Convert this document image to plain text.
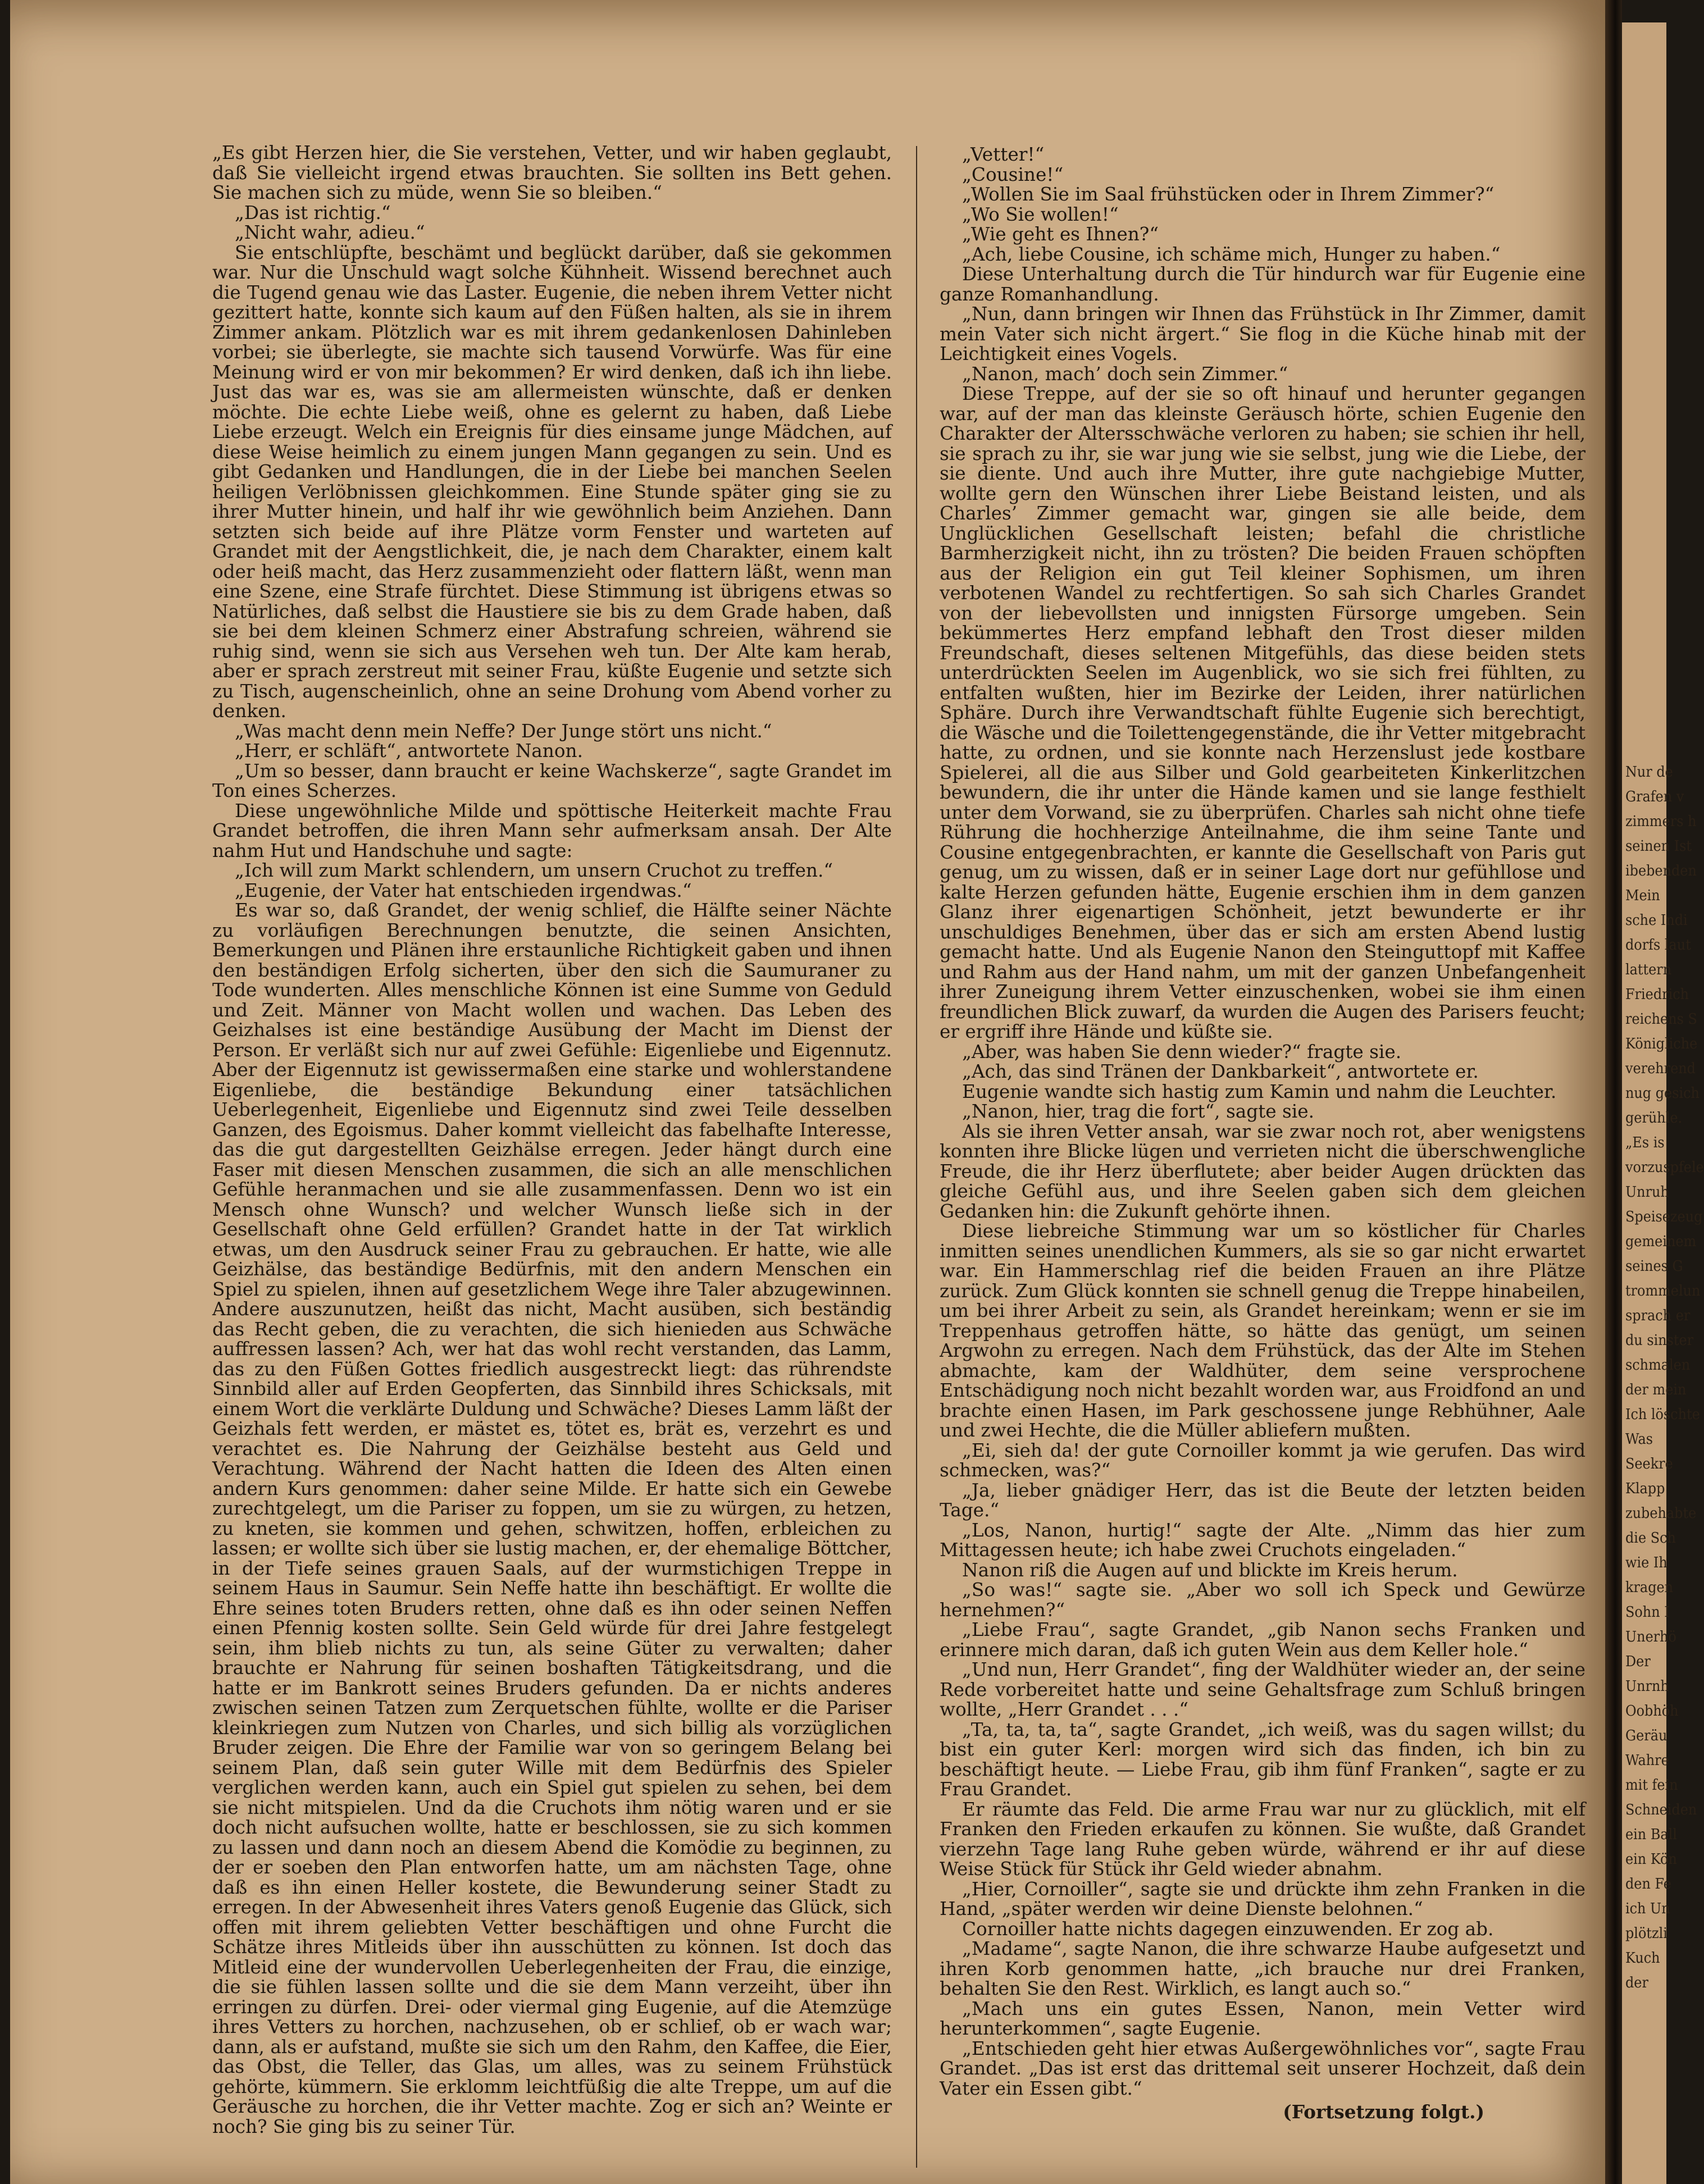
„Es gibt Herzen hier, die Sie verstehen, Vetter, und wir haben geglaubt, daß Sie vielleicht irgend etwas brauchten. Sie sollten ins Bett gehen. Sie machen sich zu müde, wenn Sie so bleiben.“

„Das ist richtig.“

„Nicht wahr, adieu.“

Sie entschlüpfte, beschämt und beglückt darüber, daß sie gekommen war. Nur die Unschuld wagt solche Kühnheit. Wissend berechnet auch die Tugend genau wie das Laster. Eugenie, die neben ihrem Vetter nicht gezittert hatte, konnte sich kaum auf den Füßen halten, als sie in ihrem Zimmer ankam. Plötzlich war es mit ihrem gedankenlosen Dahinleben vorbei; sie überlegte, sie machte sich tausend Vorwürfe. Was für eine Meinung wird er von mir bekommen? Er wird denken, daß ich ihn liebe. Just das war es, was sie am allermeisten wünschte, daß er denken möchte. Die echte Liebe weiß, ohne es gelernt zu haben, daß Liebe Liebe erzeugt. Welch ein Ereignis für dies einsame junge Mädchen, auf diese Weise heimlich zu einem jungen Mann gegangen zu sein. Und es gibt Gedanken und Handlungen, die in der Liebe bei manchen Seelen heiligen Verlöbnissen gleichkommen. Eine Stunde später ging sie zu ihrer Mutter hinein, und half ihr wie gewöhnlich beim Anziehen. Dann setzten sich beide auf ihre Plätze vorm Fenster und warteten auf Grandet mit der Aengstlichkeit, die, je nach dem Charakter, einem kalt oder heiß macht, das Herz zusammenzieht oder flattern läßt, wenn man eine Szene, eine Strafe fürchtet. Diese Stimmung ist übrigens etwas so Natürliches, daß selbst die Haustiere sie bis zu dem Grade haben, daß sie bei dem kleinen Schmerz einer Abstrafung schreien, während sie ruhig sind, wenn sie sich aus Versehen weh tun. Der Alte kam herab, aber er sprach zerstreut mit seiner Frau, küßte Eugenie und setzte sich zu Tisch, augenscheinlich, ohne an seine Drohung vom Abend vorher zu denken.

„Was macht denn mein Neffe? Der Junge stört uns nicht.“

„Herr, er schläft“, antwortete Nanon.

„Um so besser, dann braucht er keine Wachskerze“, sagte Grandet im Ton eines Scherzes.

Diese ungewöhnliche Milde und spöttische Heiterkeit machte Frau Grandet betroffen, die ihren Mann sehr aufmerksam ansah. Der Alte nahm Hut und Handschuhe und sagte:

„Ich will zum Markt schlendern, um unsern Cruchot zu treffen.“

„Eugenie, der Vater hat entschieden irgendwas.“

Es war so, daß Grandet, der wenig schlief, die Hälfte seiner Nächte zu vorläufigen Berechnungen benutzte, die seinen Ansichten, Bemerkungen und Plänen ihre erstaunliche Richtigkeit gaben und ihnen den beständigen Erfolg sicherten, über den sich die Saumuraner zu Tode wunderten. Alles menschliche Können ist eine Summe von Geduld und Zeit. Männer von Macht wollen und wachen. Das Leben des Geizhalses ist eine beständige Ausübung der Macht im Dienst der Person. Er verläßt sich nur auf zwei Gefühle: Eigenliebe und Eigennutz. Aber der Eigennutz ist gewissermaßen eine starke und wohlerstandene Eigenliebe, die beständige Bekundung einer tatsächlichen Ueberlegenheit, Eigenliebe und Eigennutz sind zwei Teile desselben Ganzen, des Egoismus. Daher kommt vielleicht das fabelhafte Interesse, das die gut dargestellten Geizhälse erregen. Jeder hängt durch eine Faser mit diesen Menschen zusammen, die sich an alle menschlichen Gefühle heranmachen und sie alle zusammenfassen. Denn wo ist ein Mensch ohne Wunsch? und welcher Wunsch ließe sich in der Gesellschaft ohne Geld erfüllen? Grandet hatte in der Tat wirklich etwas, um den Ausdruck seiner Frau zu gebrauchen. Er hatte, wie alle Geizhälse, das beständige Bedürfnis, mit den andern Menschen ein Spiel zu spielen, ihnen auf gesetzlichem Wege ihre Taler abzugewinnen. Andere auszunutzen, heißt das nicht, Macht ausüben, sich beständig das Recht geben, die zu verachten, die sich hienieden aus Schwäche auffressen lassen? Ach, wer hat das wohl recht verstanden, das Lamm, das zu den Füßen Gottes friedlich ausgestreckt liegt: das rührendste Sinnbild aller auf Erden Geopferten, das Sinnbild ihres Schicksals, mit einem Wort die verklärte Duldung und Schwäche? Dieses Lamm läßt der Geizhals fett werden, er mästet es, tötet es, brät es, verzehrt es und verachtet es. Die Nahrung der Geizhälse besteht aus Geld und Verachtung. Während der Nacht hatten die Ideen des Alten einen andern Kurs genommen: daher seine Milde. Er hatte sich ein Gewebe zurechtgelegt, um die Pariser zu foppen, um sie zu würgen, zu hetzen, zu kneten, sie kommen und gehen, schwitzen, hoffen, erbleichen zu lassen; er wollte sich über sie lustig machen, er, der ehemalige Böttcher, in der Tiefe seines grauen Saals, auf der wurmstichigen Treppe in seinem Haus in Saumur. Sein Neffe hatte ihn beschäftigt. Er wollte die Ehre seines toten Bruders retten, ohne daß es ihn oder seinen Neffen einen Pfennig kosten sollte. Sein Geld würde für drei Jahre festgelegt sein, ihm blieb nichts zu tun, als seine Güter zu verwalten; daher brauchte er Nahrung für seinen boshaften Tätigkeitsdrang, und die hatte er im Bankrott seines Bruders gefunden. Da er nichts anderes zwischen seinen Tatzen zum Zerquetschen fühlte, wollte er die Pariser kleinkriegen zum Nutzen von Charles, und sich billig als vorzüglichen Bruder zeigen. Die Ehre der Familie war von so geringem Belang bei seinem Plan, daß sein guter Wille mit dem Bedürfnis des Spieler verglichen werden kann, auch ein Spiel gut spielen zu sehen, bei dem sie nicht mitspielen. Und da die Cruchots ihm nötig waren und er sie doch nicht aufsuchen wollte, hatte er beschlossen, sie zu sich kommen zu lassen und dann noch an diesem Abend die Komödie zu beginnen, zu der er soeben den Plan entworfen hatte, um am nächsten Tage, ohne daß es ihn einen Heller kostete, die Bewunderung seiner Stadt zu erregen. In der Abwesenheit ihres Vaters genoß Eugenie das Glück, sich offen mit ihrem geliebten Vetter beschäftigen und ohne Furcht die Schätze ihres Mitleids über ihn ausschütten zu können. Ist doch das Mitleid eine der wundervollen Ueberlegenheiten der Frau, die einzige, die sie fühlen lassen sollte und die sie dem Mann verzeiht, über ihn erringen zu dürfen. Drei- oder viermal ging Eugenie, auf die Atemzüge ihres Vetters zu horchen, nachzusehen, ob er schlief, ob er wach war; dann, als er aufstand, mußte sie sich um den Rahm, den Kaffee, die Eier, das Obst, die Teller, das Glas, um alles, was zu seinem Frühstück gehörte, kümmern. Sie erklomm leichtfüßig die alte Treppe, um auf die Geräusche zu horchen, die ihr Vetter machte. Zog er sich an? Weinte er noch? Sie ging bis zu seiner Tür.

„Vetter!“

„Cousine!“

„Wollen Sie im Saal frühstücken oder in Ihrem Zimmer?“

„Wo Sie wollen!“

„Wie geht es Ihnen?“

„Ach, liebe Cousine, ich schäme mich, Hunger zu haben.“

Diese Unterhaltung durch die Tür hindurch war für Eugenie eine ganze Romanhandlung.

„Nun, dann bringen wir Ihnen das Frühstück in Ihr Zimmer, damit mein Vater sich nicht ärgert.“ Sie flog in die Küche hinab mit der Leichtigkeit eines Vogels.

„Nanon, mach’ doch sein Zimmer.“

Diese Treppe, auf der sie so oft hinauf und herunter gegangen war, auf der man das kleinste Geräusch hörte, schien Eugenie den Charakter der Altersschwäche verloren zu haben; sie schien ihr hell, sie sprach zu ihr, sie war jung wie sie selbst, jung wie die Liebe, der sie diente. Und auch ihre Mutter, ihre gute nachgiebige Mutter, wollte gern den Wünschen ihrer Liebe Beistand leisten, und als Charles’ Zimmer gemacht war, gingen sie alle beide, dem Unglücklichen Gesellschaft leisten; befahl die christliche Barmherzigkeit nicht, ihn zu trösten? Die beiden Frauen schöpften aus der Religion ein gut Teil kleiner Sophismen, um ihren verbotenen Wandel zu rechtfertigen. So sah sich Charles Grandet von der liebevollsten und innigsten Fürsorge umgeben. Sein bekümmertes Herz empfand lebhaft den Trost dieser milden Freundschaft, dieses seltenen Mitgefühls, das diese beiden stets unterdrückten Seelen im Augenblick, wo sie sich frei fühlten, zu entfalten wußten, hier im Bezirke der Leiden, ihrer natürlichen Sphäre. Durch ihre Verwandtschaft fühlte Eugenie sich berechtigt, die Wäsche und die Toilettengegenstände, die ihr Vetter mitgebracht hatte, zu ordnen, und sie konnte nach Herzenslust jede kostbare Spielerei, all die aus Silber und Gold gearbeiteten Kinkerlitzchen bewundern, die ihr unter die Hände kamen und sie lange festhielt unter dem Vorwand, sie zu überprüfen. Charles sah nicht ohne tiefe Rührung die hochherzige Anteilnahme, die ihm seine Tante und Cousine entgegenbrachten, er kannte die Gesellschaft von Paris gut genug, um zu wissen, daß er in seiner Lage dort nur gefühllose und kalte Herzen gefunden hätte, Eugenie erschien ihm in dem ganzen Glanz ihrer eigenartigen Schönheit, jetzt bewunderte er ihr unschuldiges Benehmen, über das er sich am ersten Abend lustig gemacht hatte. Und als Eugenie Nanon den Steinguttopf mit Kaffee und Rahm aus der Hand nahm, um mit der ganzen Unbefangenheit ihrer Zuneigung ihrem Vetter einzuschenken, wobei sie ihm einen freundlichen Blick zuwarf, da wurden die Augen des Parisers feucht; er ergriff ihre Hände und küßte sie.

„Aber, was haben Sie denn wieder?“ fragte sie.

„Ach, das sind Tränen der Dankbarkeit“, antwortete er.

Eugenie wandte sich hastig zum Kamin und nahm die Leuchter.

„Nanon, hier, trag die fort“, sagte sie.

Als sie ihren Vetter ansah, war sie zwar noch rot, aber wenigstens konnten ihre Blicke lügen und verrieten nicht die überschwengliche Freude, die ihr Herz überflutete; aber beider Augen drückten das gleiche Gefühl aus, und ihre Seelen gaben sich dem gleichen Gedanken hin: die Zukunft gehörte ihnen.

Diese liebreiche Stimmung war um so köstlicher für Charles inmitten seines unendlichen Kummers, als sie so gar nicht erwartet war. Ein Hammerschlag rief die beiden Frauen an ihre Plätze zurück. Zum Glück konnten sie schnell genug die Treppe hinabeilen, um bei ihrer Arbeit zu sein, als Grandet hereinkam; wenn er sie im Treppenhaus getroffen hätte, so hätte das genügt, um seinen Argwohn zu erregen. Nach dem Frühstück, das der Alte im Stehen abmachte, kam der Waldhüter, dem seine versprochene Entschädigung noch nicht bezahlt worden war, aus Froidfond an und brachte einen Hasen, im Park geschossene junge Rebhühner, Aale und zwei Hechte, die die Müller abliefern mußten.

„Ei, sieh da! der gute Cornoiller kommt ja wie gerufen. Das wird schmecken, was?“

„Ja, lieber gnädiger Herr, das ist die Beute der letzten beiden Tage.“

„Los, Nanon, hurtig!“ sagte der Alte. „Nimm das hier zum Mittagessen heute; ich habe zwei Cruchots eingeladen.“

Nanon riß die Augen auf und blickte im Kreis herum.

„So was!“ sagte sie. „Aber wo soll ich Speck und Gewürze hernehmen?“

„Liebe Frau“, sagte Grandet, „gib Nanon sechs Franken und erinnere mich daran, daß ich guten Wein aus dem Keller hole.“

„Und nun, Herr Grandet“, fing der Waldhüter wieder an, der seine Rede vorbereitet hatte und seine Gehaltsfrage zum Schluß bringen wollte, „Herr Grandet . . .“

„Ta, ta, ta, ta“, sagte Grandet, „ich weiß, was du sagen willst; du bist ein guter Kerl: morgen wird sich das finden, ich bin zu beschäftigt heute. — Liebe Frau, gib ihm fünf Franken“, sagte er zu Frau Grandet.

Er räumte das Feld. Die arme Frau war nur zu glücklich, mit elf Franken den Frieden erkaufen zu können. Sie wußte, daß Grandet vierzehn Tage lang Ruhe geben würde, während er ihr auf diese Weise Stück für Stück ihr Geld wieder abnahm.

„Hier, Cornoiller“, sagte sie und drückte ihm zehn Franken in die Hand, „später werden wir deine Dienste belohnen.“

Cornoiller hatte nichts dagegen einzuwenden. Er zog ab.

„Madame“, sagte Nanon, die ihre schwarze Haube aufgesetzt und ihren Korb genommen hatte, „ich brauche nur drei Franken, behalten Sie den Rest. Wirklich, es langt auch so.“

„Mach uns ein gutes Essen, Nanon, mein Vetter wird herunterkommen“, sagte Eugenie.

„Entschieden geht hier etwas Außergewöhnliches vor“, sagte Frau Grandet. „Das ist erst das drittemal seit unserer Hochzeit, daß dein Vater ein Essen gibt.“

(Fortsetzung folgt.)
Nur de
Grafen v
zimmers h
seinen Ist
ibebenden
Mein
sche Indi
dorfs laut
lattern
Friedrich
reichens S
Königliche
verehrend
nug gesich
gerühle.
„Es is
vorzuspfele
Unruh
Speisezeug
gemeinem
seines G
trommelun
sprach er
du sinster
schmalen
der mein
Ich löschte
Was
Seekre
Klapp
zubehabte
die Sch
wie Ih
kragen
Sohn I
Unerhö
Der
Unrnh
Oobhöh
Geräu
Wahre
mit fein
Schneiden
ein Ball
ein Kön
den Fe
ich Un
plötzli
Kuch
der
